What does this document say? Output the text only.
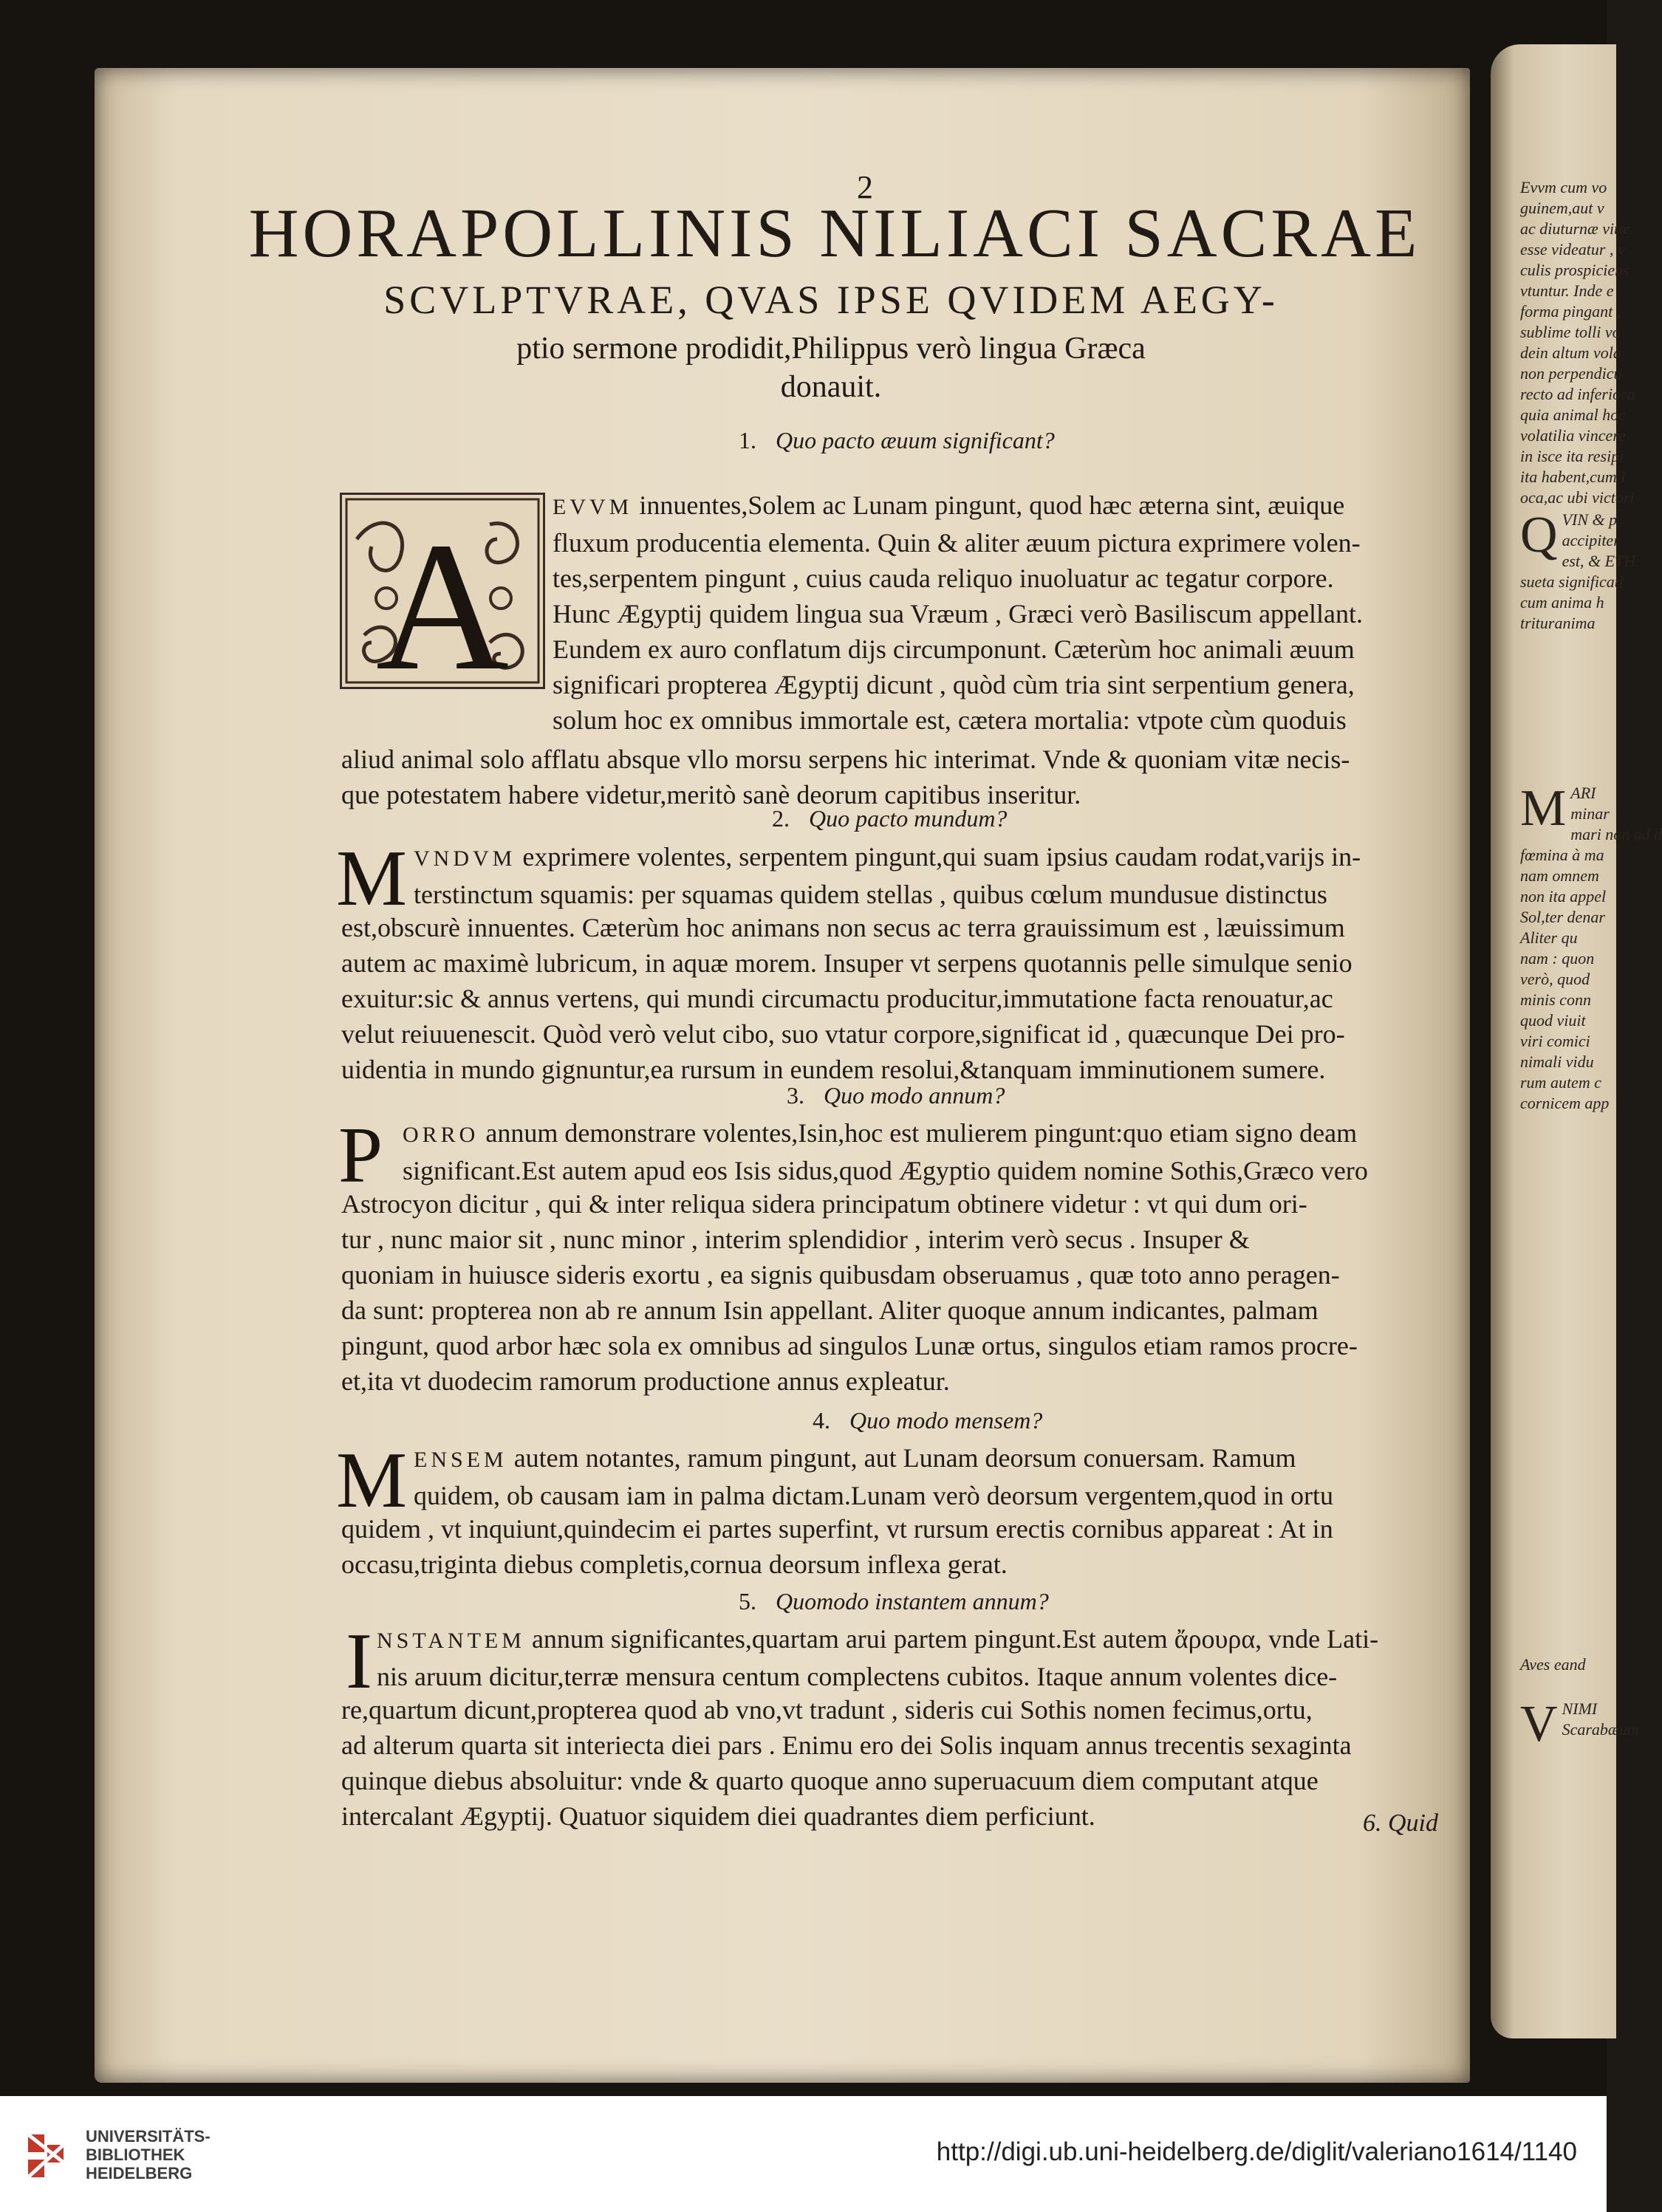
Evvm cum vo
guinem,aut v
ac diuturnæ vitæ
esse videatur , v
culis prospiciens
vtuntur. Inde e
forma pingant ,
sublime tolli vo
dein altum vola
non perpendicu
recto ad inferiora
quia animal hoc
volatilia vincere
in isce ita resipi
ita habent,cum i
oca,ac ubi victori
Q VIN & p
accipiter
est, & ETH
sueta significati
cum anima h
trituranima
M ARI
minar
mari non ad d
fœmina à ma
nam omnem
non ita appel
Sol,ter denar
Aliter qu
nam : quon
verò, quod
minis conn
quod viuit
viri comici
nimali vidu
rum autem c
cornicem app
Aves eand
V NIMI
Scarabæum
2
HORAPOLLINIS NILIACI SACRAE
SCVLPTVRAE, QVAS IPSE QVIDEM AEGY-
ptio sermone prodidit,Philippus verò lingua Græca
donauit.
1. Quo pacto æuum significant?
A EVVM innuentes,Solem ac Lunam pingunt, quod hæc æterna sint, æuique
fluxum producentia elementa. Quin & aliter æuum pictura exprimere volen-
tes,serpentem pingunt , cuius cauda reliquo inuoluatur ac tegatur corpore.
Hunc Ægyptij quidem lingua sua Vræum , Græci verò Basiliscum appellant.
Eundem ex auro conflatum dijs circumponunt. Cæterùm hoc animali æuum
significari propterea Ægyptij dicunt , quòd cùm tria sint serpentium genera,
solum hoc ex omnibus immortale est, cætera mortalia: vtpote cùm quoduis
aliud animal solo afflatu absque vllo morsu serpens hic interimat. Vnde & quoniam vitæ necis-
que potestatem habere videtur,meritò sanè deorum capitibus inseritur.
2. Quo pacto mundum?
M VNDVM exprimere volentes, serpentem pingunt,qui suam ipsius caudam rodat,varijs in-
terstinctum squamis: per squamas quidem stellas , quibus cœlum mundusue distinctus
est,obscurè innuentes. Cæterùm hoc animans non secus ac terra grauissimum est , læuissimum
autem ac maximè lubricum, in aquæ morem. Insuper vt serpens quotannis pelle simulque senio
exuitur:sic & annus vertens, qui mundi circumactu producitur,immutatione facta renouatur,ac
velut reiuuenescit. Quòd verò velut cibo, suo vtatur corpore,significat id , quæcunque Dei pro-
uidentia in mundo gignuntur,ea rursum in eundem resolui,&tanquam imminutionem sumere.
3. Quo modo annum?
P ORRO annum demonstrare volentes,Isin,hoc est mulierem pingunt:quo etiam signo deam
significant.Est autem apud eos Isis sidus,quod Ægyptio quidem nomine Sothis,Græco vero
Astrocyon dicitur , qui & inter reliqua sidera principatum obtinere videtur : vt qui dum ori-
tur , nunc maior sit , nunc minor , interim splendidior , interim verò secus . Insuper &
quoniam in huiusce sideris exortu , ea signis quibusdam obseruamus , quæ toto anno peragen-
da sunt: propterea non ab re annum Isin appellant. Aliter quoque annum indicantes, palmam
pingunt, quod arbor hæc sola ex omnibus ad singulos Lunæ ortus, singulos etiam ramos procre-
et,ita vt duodecim ramorum productione annus expleatur.
4. Quo modo mensem?
M ENSEM autem notantes, ramum pingunt, aut Lunam deorsum conuersam. Ramum
quidem, ob causam iam in palma dictam.Lunam verò deorsum vergentem,quod in ortu
quidem , vt inquiunt,quindecim ei partes superfint, vt rursum erectis cornibus appareat : At in
occasu,triginta diebus completis,cornua deorsum inflexa gerat.
5. Quomodo instantem annum?
I NSTANTEM annum significantes,quartam arui partem pingunt.Est autem ἄρουρα, vnde Lati-
nis aruum dicitur,terræ mensura centum complectens cubitos. Itaque annum volentes dice-
re,quartum dicunt,propterea quod ab vno,vt tradunt , sideris cui Sothis nomen fecimus,ortu,
ad alterum quarta sit interiecta diei pars . Enimu ero dei Solis inquam annus trecentis sexaginta
quinque diebus absoluitur: vnde & quarto quoque anno superuacuum diem computant atque
intercalant Ægyptij. Quatuor siquidem diei quadrantes diem perficiunt.	6. Quid
UNIVERSITÄTS-
BIBLIOTHEK
HEIDELBERG
http://digi.ub.uni-heidelberg.de/diglit/valeriano1614/1140
